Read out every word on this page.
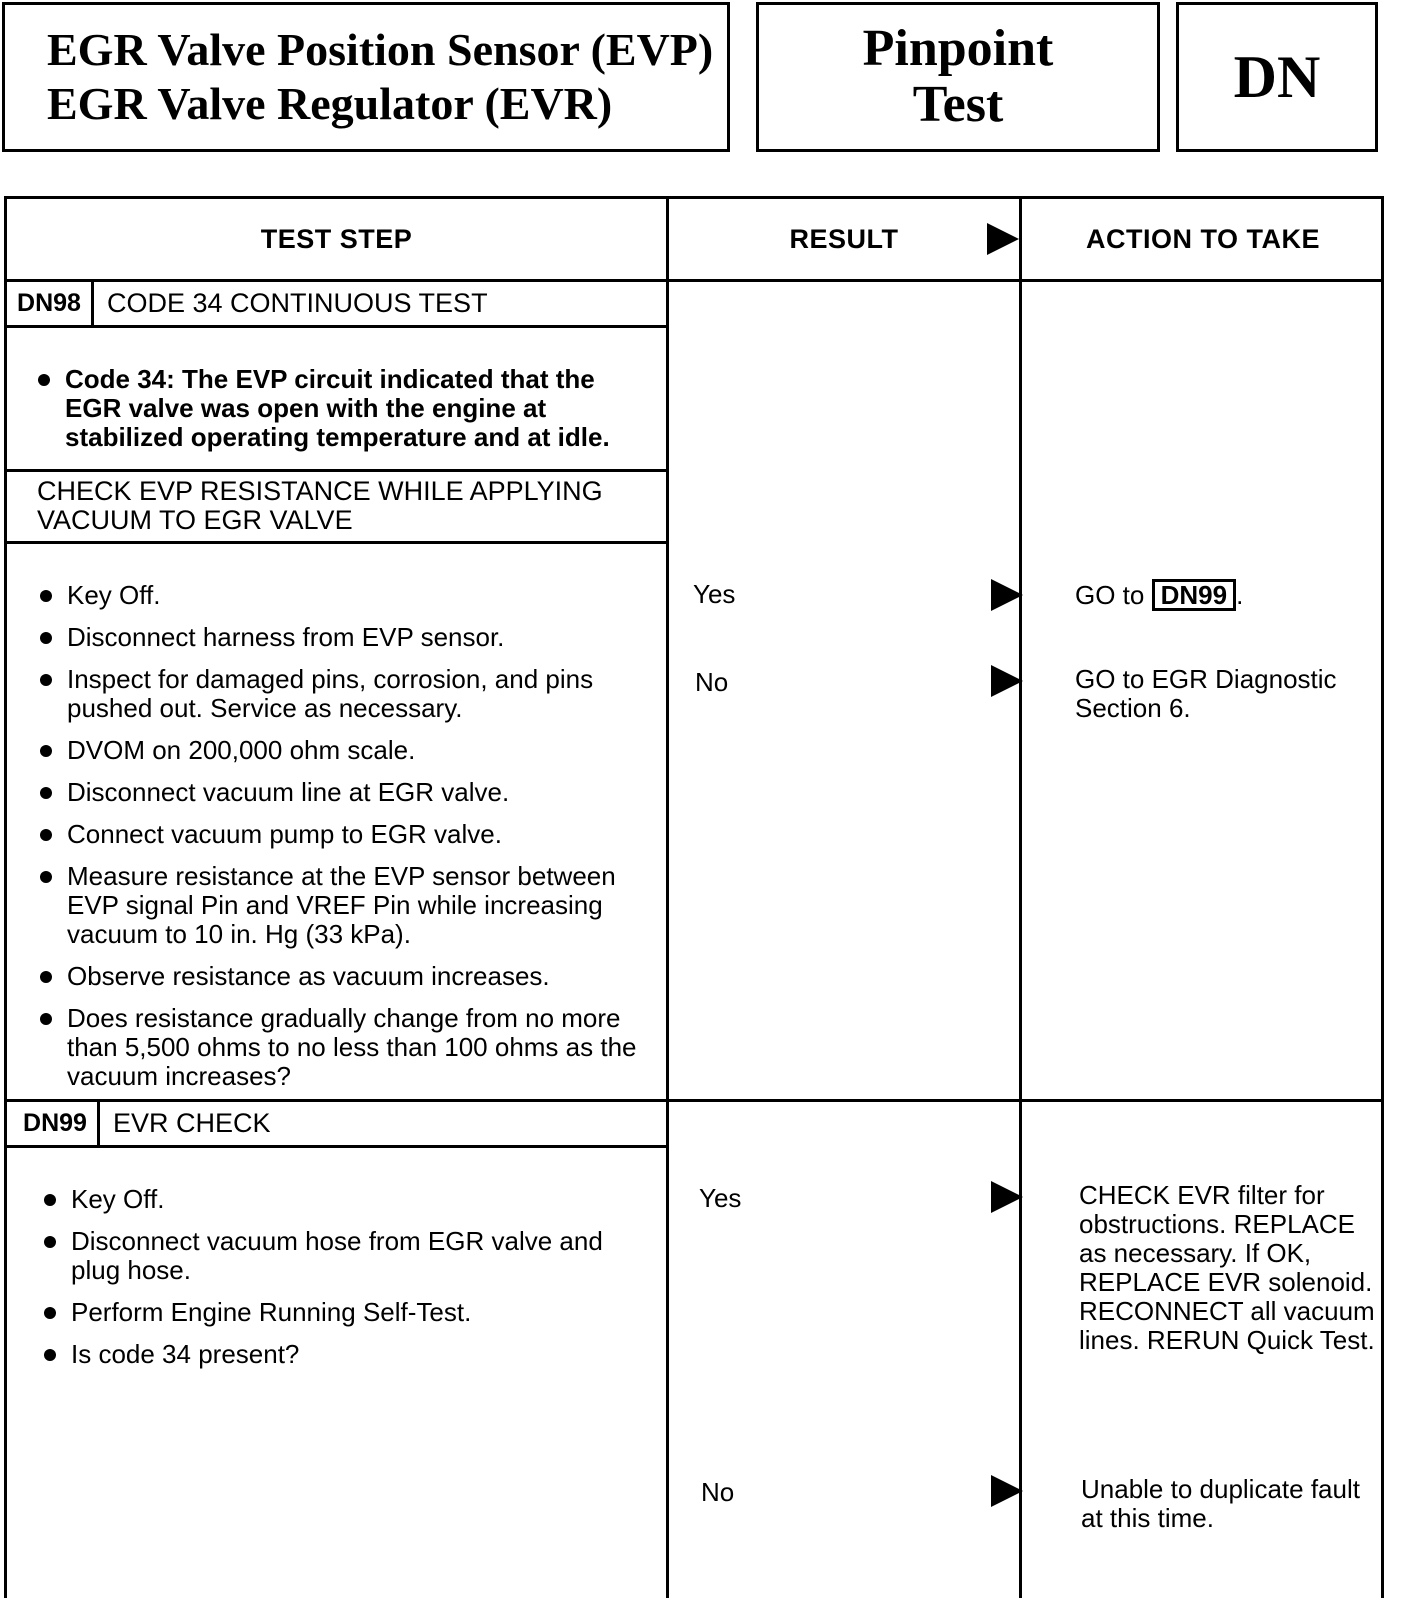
EGR Valve Position Sensor (EVP)
EGR Valve Regulator (EVR)
Pinpoint
Test	DN
TEST STEP	RESULT	ACTION TO TAKE
DN98 CODE 34 CONTINUOUS TEST
Code 34: The EVP circuit indicated that the EGR valve was open with the engine at stabilized operating temperature and at idle.
CHECK EVP RESISTANCE WHILE APPLYING VACUUM TO EGR VALVE
Key Off.
Disconnect harness from EVP sensor.
Inspect for damaged pins, corrosion, and pins pushed out. Service as necessary.
DVOM on 200,000 ohm scale.
Disconnect vacuum line at EGR valve.
Connect vacuum pump to EGR valve.
Measure resistance at the EVP sensor between EVP signal Pin and VREF Pin while increasing vacuum to 10 in. Hg (33 kPa).
Observe resistance as vacuum increases.
Does resistance gradually change from no more than 5,500 ohms to no less than 100 ohms as the vacuum increases?
Yes	GO to DN99 .
No	GO to EGR Diagnostic Section 6.
DN99 EVR CHECK
Key Off.
Disconnect vacuum hose from EGR valve and plug hose.
Perform Engine Running Self-Test.
Is code 34 present?
Yes	CHECK EVR filter for obstructions. REPLACE as necessary. If OK, REPLACE EVR solenoid. RECONNECT all vacuum lines. RERUN Quick Test.
No	Unable to duplicate fault at this time.
